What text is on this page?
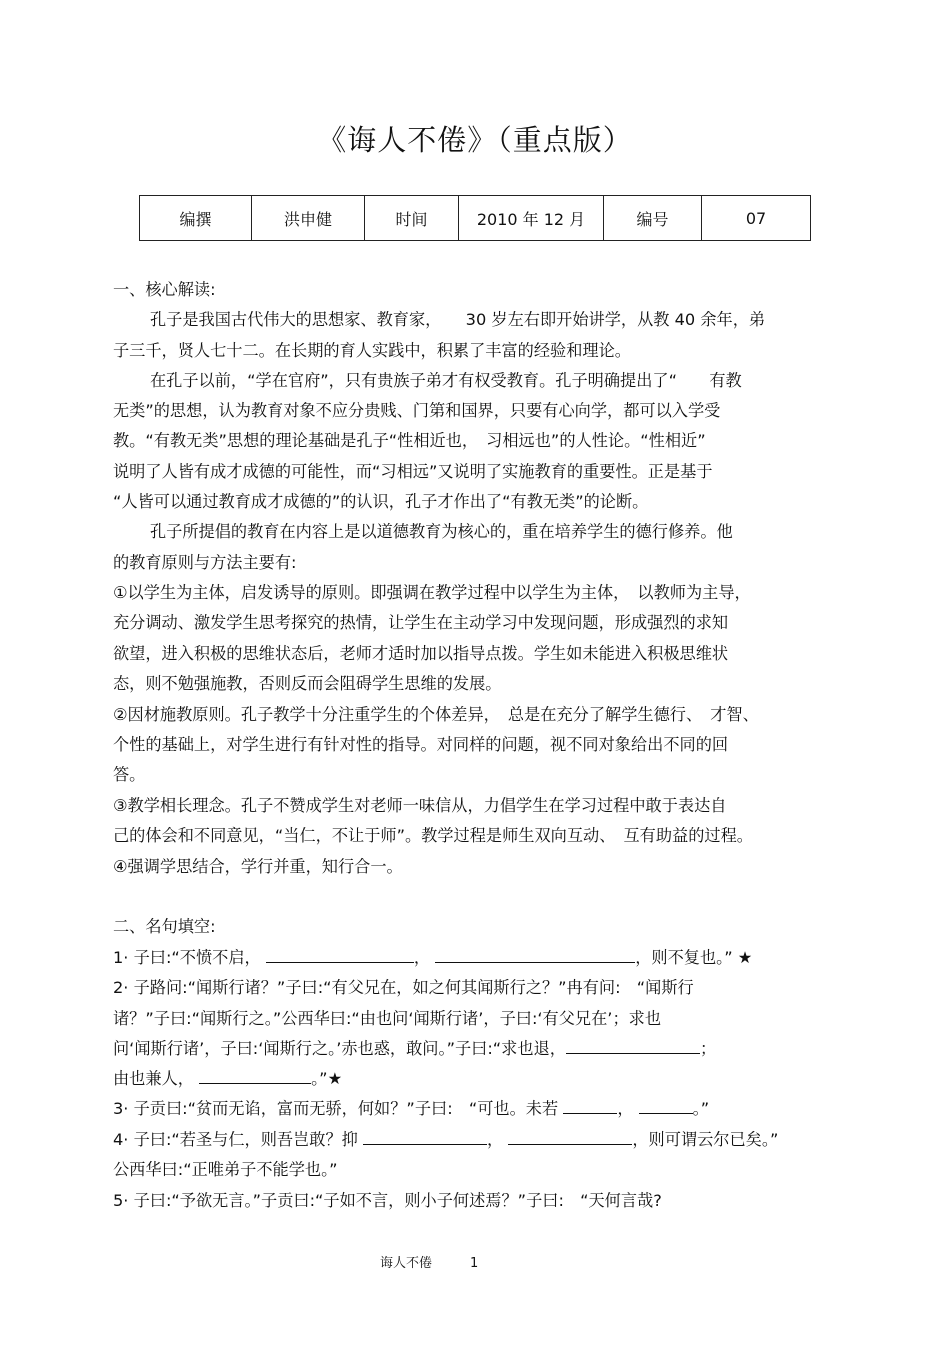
《诲人不倦》（重点版）
编撰	洪申健	时间	2010 年 12 月	编号	07
一、核心解读:
孔子是我国古代伟大的思想家、教育家，　　30 岁左右即开始讲学，从教 40 余年，弟
子三千，贤人七十二。在长期的育人实践中，积累了丰富的经验和理论。
在孔子以前，“学在官府”，只有贵族子弟才有权受教育。孔子明确提出了“　　有教
无类”的思想，认为教育对象不应分贵贱、门第和国界，只要有心向学，都可以入学受
教。“有教无类”思想的理论基础是孔子“性相近也，　习相远也”的人性论。“性相近”
说明了人皆有成才成德的可能性，而“习相远”又说明了实施教育的重要性。正是基于
“人皆可以通过教育成才成德的”的认识，孔子才作出了“有教无类”的论断。
孔子所提倡的教育在内容上是以道德教育为核心的，重在培养学生的德行修养。他
的教育原则与方法主要有:
①以学生为主体，启发诱导的原则。即强调在教学过程中以学生为主体，　以教师为主导，
充分调动、激发学生思考探究的热情，让学生在主动学习中发现问题，形成强烈的求知
欲望，进入积极的思维状态后，老师才适时加以指导点拨。学生如未能进入积极思维状
态，则不勉强施教，否则反而会阻碍学生思维的发展。
②因材施教原则。孔子教学十分注重学生的个体差异，　总是在充分了解学生德行、　才智、
个性的基础上，对学生进行有针对性的指导。对同样的问题，视不同对象给出不同的回
答。
③教学相长理念。孔子不赞成学生对老师一味信从，力倡学生在学习过程中敢于表达自
己的体会和不同意见，“当仁，不让于师”。教学过程是师生双向互动、　互有助益的过程。
④强调学思结合，学行并重，知行合一。
二、名句填空:
1· 子曰:“不愤不启，	，	，则不复也。” ★
2· 子路问:“闻斯行诸？”子曰:“有父兄在，如之何其闻斯行之？”冉有问:　“闻斯行
诸？”子曰:“闻斯行之。”公西华曰:“由也问‘闻斯行诸’，子曰:‘有父兄在’；求也
问‘闻斯行诸’，子曰:‘闻斯行之。’赤也惑，敢问。”子曰:“求也退，	；
由也兼人，	。”★
3· 子贡曰:“贫而无谄，富而无骄，何如？”子曰:　“可也。未若	，	。”
4· 子曰:“若圣与仁，则吾岂敢？抑	，	，则可谓云尔已矣。”
公西华曰:“正唯弟子不能学也。”
5· 子曰:“予欲无言。”子贡曰:“子如不言，则小子何述焉？”子曰:　“天何言哉?
诲人不倦	1
